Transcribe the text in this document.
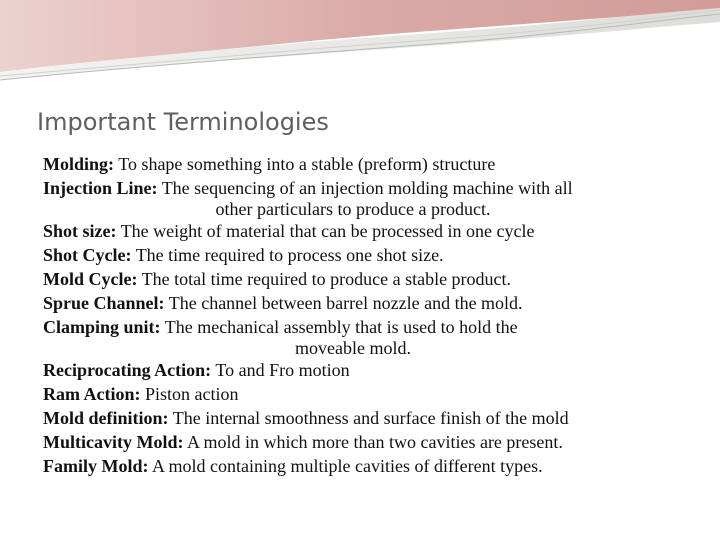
Important Terminologies

Molding: To shape something into a stable (preform) structure

Injection Line: The sequencing of an injection molding machine with all
other particulars to produce a product.

Shot size: The weight of material that can be processed in one cycle

Shot Cycle: The time required to process one shot size.

Mold Cycle: The total time required to produce a stable product.

Sprue Channel: The channel between barrel nozzle and the mold.

Clamping unit: The mechanical assembly that is used to hold the
moveable mold.

Reciprocating Action: To and Fro motion

Ram Action: Piston action

Mold definition: The internal smoothness and surface finish of the mold

Multicavity Mold: A mold in which more than two cavities are present.

Family Mold: A mold containing multiple cavities of different types.
